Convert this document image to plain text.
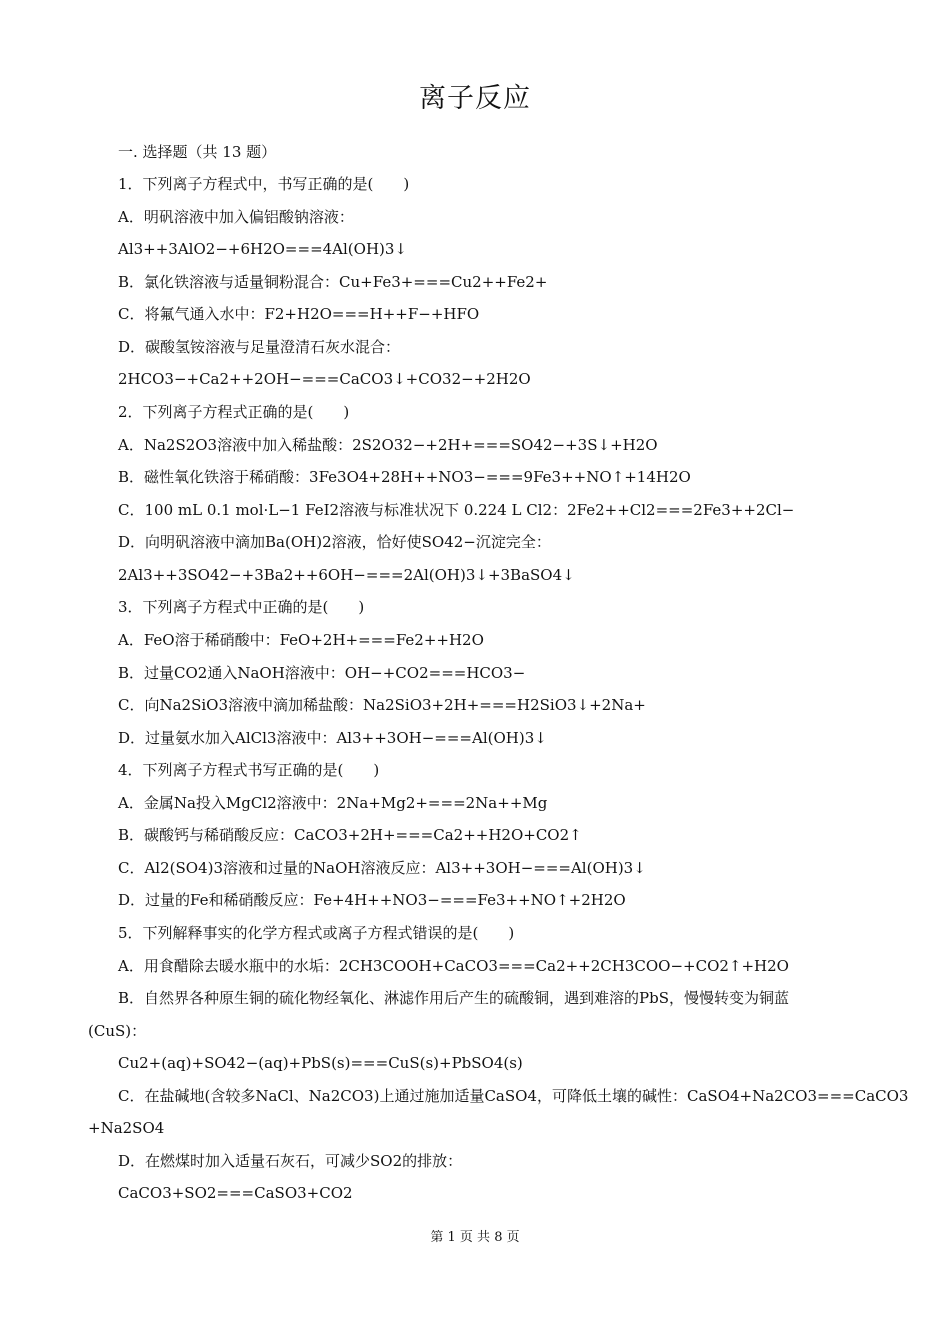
离子反应
一. 选择题（共 13 题）
1．下列离子方程式中，书写正确的是(　　)
A．明矾溶液中加入偏铝酸钠溶液：
Al3++3AlO2−+6H2O===4Al(OH)3↓
B．氯化铁溶液与适量铜粉混合：Cu+Fe3+===Cu2++Fe2+
C．将氟气通入水中：F2+H2O===H++F−+HFO
D．碳酸氢铵溶液与足量澄清石灰水混合：
2HCO3−+Ca2++2OH−===CaCO3↓+CO32−+2H2O
2．下列离子方程式正确的是(　　)
A．Na2S2O3溶液中加入稀盐酸：2S2O32−+2H+===SO42−+3S↓+H2O
B．磁性氧化铁溶于稀硝酸：3Fe3O4+28H++NO3−===9Fe3++NO↑+14H2O
C．100 mL 0.1 mol·L−1 FeI2溶液与标准状况下 0.224 L Cl2：2Fe2++Cl2===2Fe3++2Cl−
D．向明矾溶液中滴加Ba(OH)2溶液，恰好使SO42−沉淀完全：
2Al3++3SO42−+3Ba2++6OH−===2Al(OH)3↓+3BaSO4↓
3．下列离子方程式中正确的是(　　)
A．FeO溶于稀硝酸中：FeO+2H+===Fe2++H2O
B．过量CO2通入NaOH溶液中：OH−+CO2===HCO3−
C．向Na2SiO3溶液中滴加稀盐酸：Na2SiO3+2H+===H2SiO3↓+2Na+
D．过量氨水加入AlCl3溶液中：Al3++3OH−===Al(OH)3↓
4．下列离子方程式书写正确的是(　　)
A．金属Na投入MgCl2溶液中：2Na+Mg2+===2Na++Mg
B．碳酸钙与稀硝酸反应：CaCO3+2H+===Ca2++H2O+CO2↑
C．Al2(SO4)3溶液和过量的NaOH溶液反应：Al3++3OH−===Al(OH)3↓
D．过量的Fe和稀硝酸反应：Fe+4H++NO3−===Fe3++NO↑+2H2O
5．下列解释事实的化学方程式或离子方程式错误的是(　　)
A．用食醋除去暖水瓶中的水垢：2CH3COOH+CaCO3===Ca2++2CH3COO−+CO2↑+H2O
B．自然界各种原生铜的硫化物经氧化、淋滤作用后产生的硫酸铜，遇到难溶的PbS，慢慢转变为铜蓝
(CuS)：
Cu2+(aq)+SO42−(aq)+PbS(s)===CuS(s)+PbSO4(s)
C．在盐碱地(含较多NaCl、Na2CO3)上通过施加适量CaSO4，可降低土壤的碱性：CaSO4+Na2CO3===CaCO3
+Na2SO4
D．在燃煤时加入适量石灰石，可减少SO2的排放：
CaCO3+SO2===CaSO3+CO2
第 1 页 共 8 页
